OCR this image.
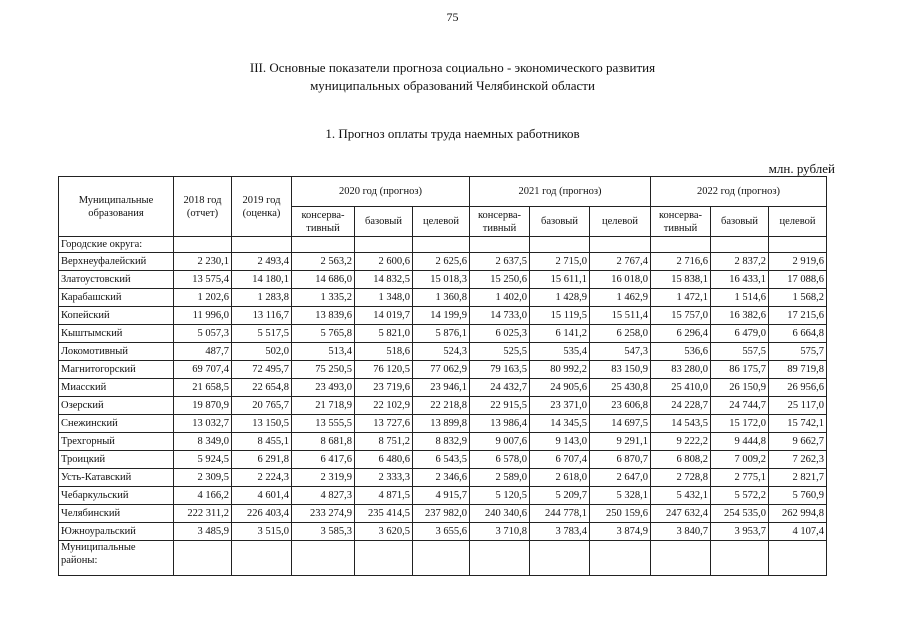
75
III. Основные показатели прогноза социально - экономического развития
муниципальных образований Челябинской области
1. Прогноз оплаты труда наемных работников
млн. рублей
Муниципальные образования	2018 год (отчет)	2019 год (оценка)	2020 год (прогноз)			2021 год (прогноз)			2022 год (прогноз)		
			консерва-тивный	базовый	целевой	консерва-тивный	базовый	целевой	консерва-тивный	базовый	целевой
Городские округа:											
Верхнеуфалейский	2 230,1	2 493,4	2 563,2	2 600,6	2 625,6	2 637,5	2 715,0	2 767,4	2 716,6	2 837,2	2 919,6
Златоустовский	13 575,4	14 180,1	14 686,0	14 832,5	15 018,3	15 250,6	15 611,1	16 018,0	15 838,1	16 433,1	17 088,6
Карабашский	1 202,6	1 283,8	1 335,2	1 348,0	1 360,8	1 402,0	1 428,9	1 462,9	1 472,1	1 514,6	1 568,2
Копейский	11 996,0	13 116,7	13 839,6	14 019,7	14 199,9	14 733,0	15 119,5	15 511,4	15 757,0	16 382,6	17 215,6
Кыштымский	5 057,3	5 517,5	5 765,8	5 821,0	5 876,1	6 025,3	6 141,2	6 258,0	6 296,4	6 479,0	6 664,8
Локомотивный	487,7	502,0	513,4	518,6	524,3	525,5	535,4	547,3	536,6	557,5	575,7
Магнитогорский	69 707,4	72 495,7	75 250,5	76 120,5	77 062,9	79 163,5	80 992,2	83 150,9	83 280,0	86 175,7	89 719,8
Миасский	21 658,5	22 654,8	23 493,0	23 719,6	23 946,1	24 432,7	24 905,6	25 430,8	25 410,0	26 150,9	26 956,6
Озерский	19 870,9	20 765,7	21 718,9	22 102,9	22 218,8	22 915,5	23 371,0	23 606,8	24 228,7	24 744,7	25 117,0
Снежинский	13 032,7	13 150,5	13 555,5	13 727,6	13 899,8	13 986,4	14 345,5	14 697,5	14 543,5	15 172,0	15 742,1
Трехгорный	8 349,0	8 455,1	8 681,8	8 751,2	8 832,9	9 007,6	9 143,0	9 291,1	9 222,2	9 444,8	9 662,7
Троицкий	5 924,5	6 291,8	6 417,6	6 480,6	6 543,5	6 578,0	6 707,4	6 870,7	6 808,2	7 009,2	7 262,3
Усть-Катавский	2 309,5	2 224,3	2 319,9	2 333,3	2 346,6	2 589,0	2 618,0	2 647,0	2 728,8	2 775,1	2 821,7
Чебаркульский	4 166,2	4 601,4	4 827,3	4 871,5	4 915,7	5 120,5	5 209,7	5 328,1	5 432,1	5 572,2	5 760,9
Челябинский	222 311,2	226 403,4	233 274,9	235 414,5	237 982,0	240 340,6	244 778,1	250 159,6	247 632,4	254 535,0	262 994,8
Южноуральский	3 485,9	3 515,0	3 585,3	3 620,5	3 655,6	3 710,8	3 783,4	3 874,9	3 840,7	3 953,7	4 107,4
Муниципальные районы:											
